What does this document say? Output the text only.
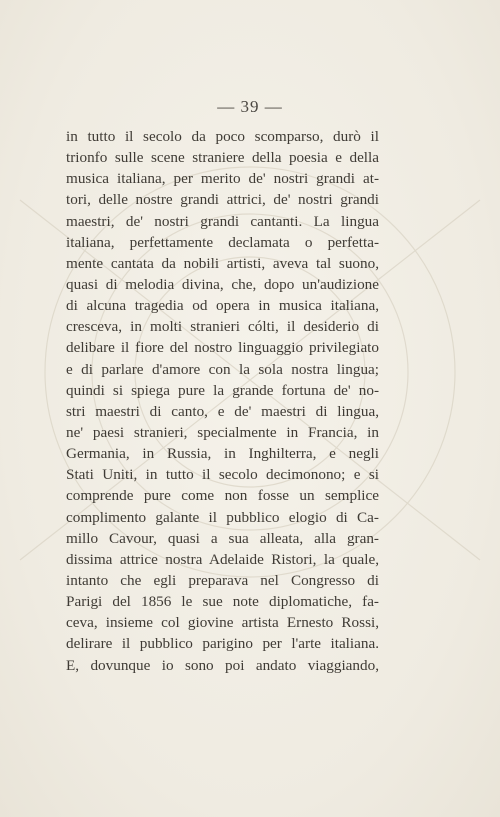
— 39 —
in tutto il secolo da poco scomparso, durò il
trionfo sulle scene straniere della poesia e della
musica italiana, per merito de' nostri grandi at-
tori, delle nostre grandi attrici, de' nostri grandi
maestri, de' nostri grandi cantanti. La lingua
italiana, perfettamente declamata o perfetta-
mente cantata da nobili artisti, aveva tal suono,
quasi di melodia divina, che, dopo un'audizione
di alcuna tragedia od opera in musica italiana,
cresceva, in molti stranieri cólti, il desiderio di
delibare il fiore del nostro linguaggio privilegiato
e di parlare d'amore con la sola nostra lingua;
quindi si spiega pure la grande fortuna de' no-
stri maestri di canto, e de' maestri di lingua,
ne' paesi stranieri, specialmente in Francia, in
Germania, in Russia, in Inghilterra, e negli
Stati Uniti, in tutto il secolo decimonono; e si
comprende pure come non fosse un semplice
complimento galante il pubblico elogio di Ca-
millo Cavour, quasi a sua alleata, alla gran-
dissima attrice nostra Adelaide Ristori, la quale,
intanto che egli preparava nel Congresso di
Parigi del 1856 le sue note diplomatiche, fa-
ceva, insieme col giovine artista Ernesto Rossi,
delirare il pubblico parigino per l'arte italiana.
E, dovunque io sono poi andato viaggiando,
